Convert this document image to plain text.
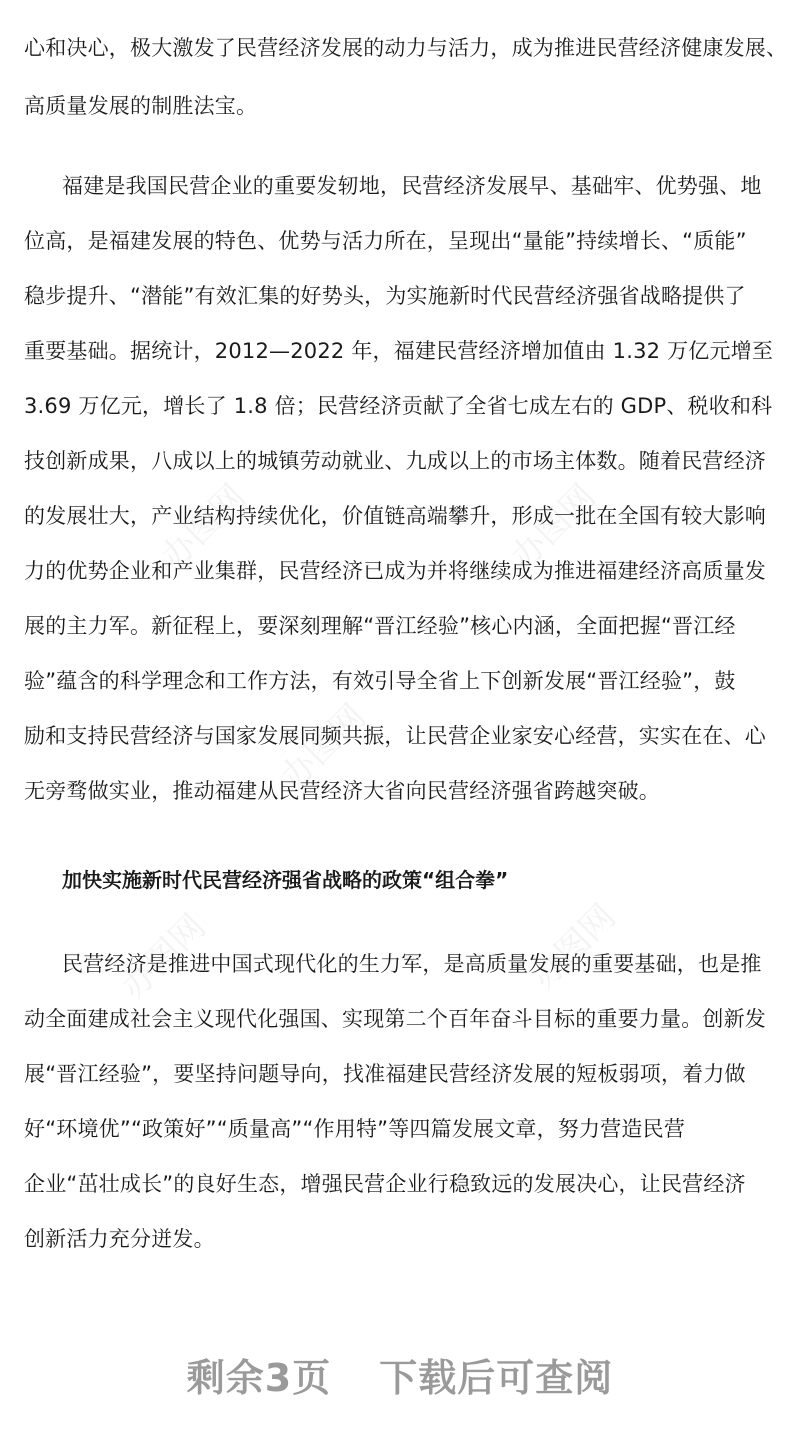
办图网	办图网
办图网
办图网	办图网
心和决心，极大激发了民营经济发展的动力与活力，成为推进民营经济健康发展、
高质量发展的制胜法宝。
福建是我国民营企业的重要发轫地，民营经济发展早、基础牢、优势强、地
位高，是福建发展的特色、优势与活力所在，呈现出“量能”持续增长、“质能”
稳步提升、“潜能”有效汇集的好势头，为实施新时代民营经济强省战略提供了
重要基础。据统计，2012—2022 年，福建民营经济增加值由 1.32 万亿元增至
3.69 万亿元，增长了 1.8 倍；民营经济贡献了全省七成左右的 GDP、税收和科
技创新成果，八成以上的城镇劳动就业、九成以上的市场主体数。随着民营经济
的发展壮大，产业结构持续优化，价值链高端攀升，形成一批在全国有较大影响
力的优势企业和产业集群，民营经济已成为并将继续成为推进福建经济高质量发
展的主力军。新征程上，要深刻理解“晋江经验”核心内涵，全面把握“晋江经
验”蕴含的科学理念和工作方法，有效引导全省上下创新发展“晋江经验”，鼓
励和支持民营经济与国家发展同频共振，让民营企业家安心经营，实实在在、心
无旁骛做实业，推动福建从民营经济大省向民营经济强省跨越突破。
加快实施新时代民营经济强省战略的政策“组合拳”
民营经济是推进中国式现代化的生力军，是高质量发展的重要基础，也是推
动全面建成社会主义现代化强国、实现第二个百年奋斗目标的重要力量。创新发
展“晋江经验”，要坚持问题导向，找准福建民营经济发展的短板弱项，着力做
好“环境优”“政策好”“质量高”“作用特”等四篇发展文章，努力营造民营
企业“茁壮成长”的良好生态，增强民营企业行稳致远的发展决心，让民营经济
创新活力充分迸发。
剩余3页 下载后可查阅
